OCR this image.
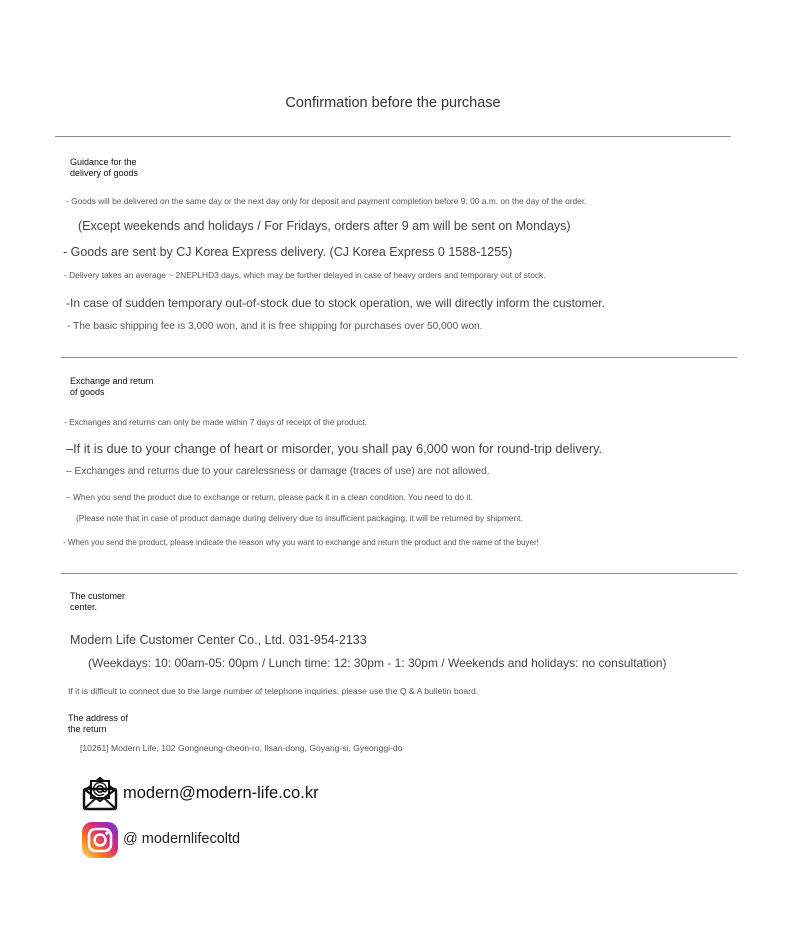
Confirmation before the purchase
Guidance for the delivery of goods
- Goods will be delivered on the same day or the next day only for deposit and payment completion before 9: 00 a.m. on the day of the order.
(Except weekends and holidays / For Fridays, orders after 9 am will be sent on Mondays)
- Goods are sent by CJ Korea Express delivery. (CJ Korea Express 0 1588-1255)
- Delivery takes an average ~ 2NEPLHD3 days, which may be further delayed in case of heavy orders and temporary out of stock.
-In case of sudden temporary out-of-stock due to stock operation, we will directly inform the customer.
- The basic shipping fee is 3,000 won, and it is free shipping for purchases over 50,000 won.
Exchange and return of goods
- Exchanges and returns can only be made within 7 days of receipt of the product.
–If it is due to your change of heart or misorder, you shall pay 6,000 won for round-trip delivery.
– Exchanges and returns due to your carelessness or damage (traces of use) are not allowed.
– When you send the product due to exchange or return, please pack it in a clean condition. You need to do it.
(Please note that in case of product damage during delivery due to insufficient packaging, it will be returned by shipment.
- When you send the product, please indicate the reason why you want to exchange and return the product and the name of the buyer!
The customer center.
Modern Life Customer Center Co., Ltd. 031-954-2133
(Weekdays: 10: 00am-05: 00pm / Lunch time: 12: 30pm - 1: 30pm / Weekends and holidays: no consultation)
If it is difficult to connect due to the large number of telephone inquiries, please use the Q & A bulletin board.
The address of the return
[10261] Modern Life, 102 Gongneung-cheon-ro, Ilsan-dong, Goyang-si, Gyeonggi-do
modern@modern-life.co.kr
@ modernlifecoltd
